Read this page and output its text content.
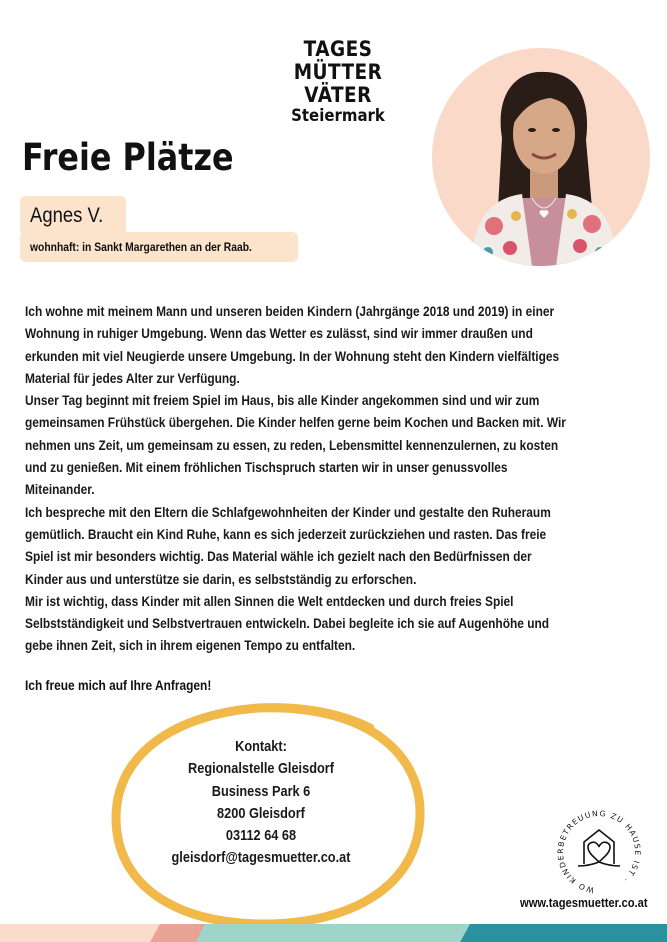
TAGES
MÜTTER
VÄTER
Steiermark
Freie Plätze
Agnes V.
wohnhaft: in Sankt Margarethen an der Raab.

Ich wohne mit meinem Mann und unseren beiden Kindern (Jahrgänge 2018 und 2019) in einer

Wohnung in ruhiger Umgebung. Wenn das Wetter es zulässt, sind wir immer draußen und

erkunden mit viel Neugierde unsere Umgebung. In der Wohnung steht den Kindern vielfältiges

Material für jedes Alter zur Verfügung.

Unser Tag beginnt mit freiem Spiel im Haus, bis alle Kinder angekommen sind und wir zum

gemeinsamen Frühstück übergehen. Die Kinder helfen gerne beim Kochen und Backen mit. Wir

nehmen uns Zeit, um gemeinsam zu essen, zu reden, Lebensmittel kennenzulernen, zu kosten

und zu genießen. Mit einem fröhlichen Tischspruch starten wir in unser genussvolles

Miteinander.

Ich bespreche mit den Eltern die Schlafgewohnheiten der Kinder und gestalte den Ruheraum

gemütlich. Braucht ein Kind Ruhe, kann es sich jederzeit zurückziehen und rasten. Das freie

Spiel ist mir besonders wichtig. Das Material wähle ich gezielt nach den Bedürfnissen der

Kinder aus und unterstütze sie darin, es selbstständig zu erforschen.

Mir ist wichtig, dass Kinder mit allen Sinnen die Welt entdecken und durch freies Spiel

Selbstständigkeit und Selbstvertrauen entwickeln. Dabei begleite ich sie auf Augenhöhe und

gebe ihnen Zeit, sich in ihrem eigenen Tempo zu entfalten.

Ich freue mich auf Ihre Anfragen!
Kontakt:
Regionalstelle Gleisdorf
Business Park 6
8200 Gleisdorf
03112 64 68
gleisdorf@tagesmuetter.co.at
WO KINDERBETREUUNG ZU HAUSE IST ·
www.tagesmuetter.co.at
